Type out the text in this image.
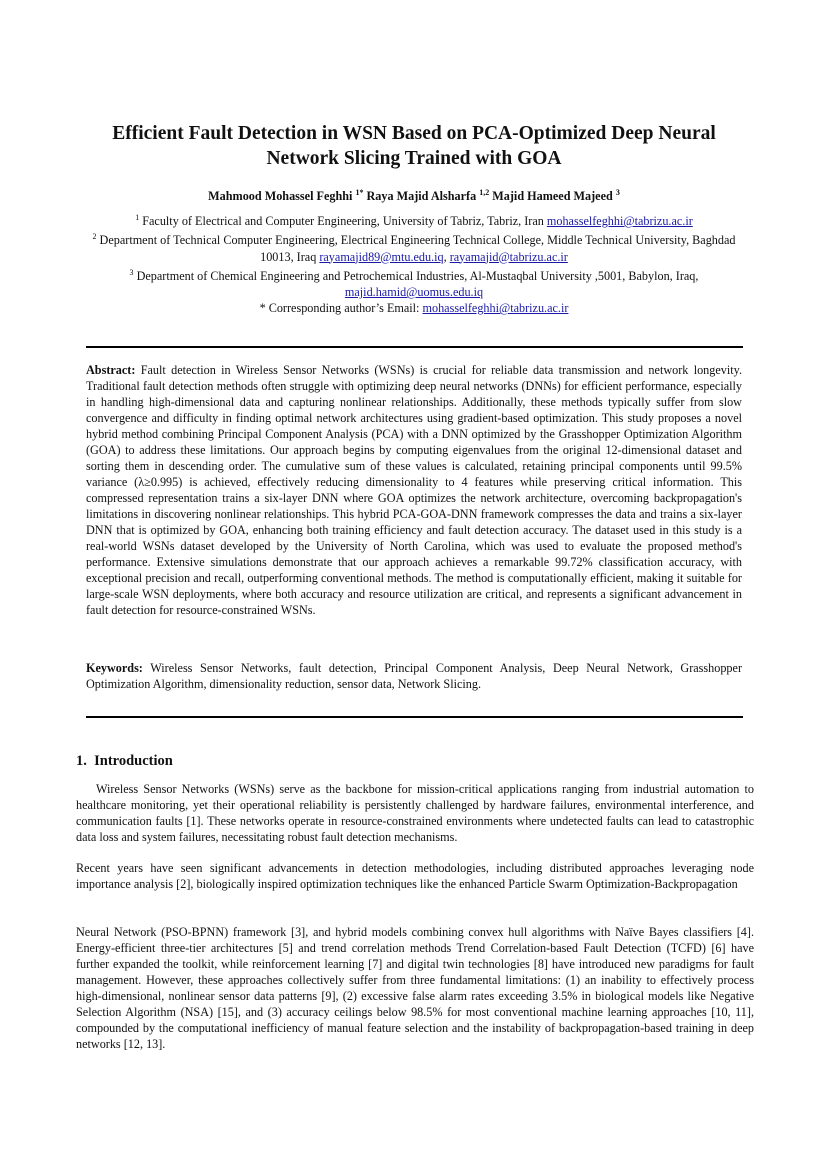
Efficient Fault Detection in WSN Based on PCA-Optimized Deep Neural Network Slicing Trained with GOA
Mahmood Mohassel Feghhi $^{1*}$ Raya Majid Alsharfa $^{1,2}$ Majid Hameed Majeed $^3$

$^1$ Faculty of Electrical and Computer Engineering, University of Tabriz, Tabriz, Iran mohasselfeghhi@tabrizu.ac.ir

$^2$ Department of Technical Computer Engineering, Electrical Engineering Technical College, Middle Technical University, Baghdad 10013, Iraq rayamajid89@mtu.edu.iq, rayamajid@tabrizu.ac.ir

$^3$ Department of Chemical Engineering and Petrochemical Industries, Al-Mustaqbal University ,5001, Babylon, Iraq, majid.hamid@uomus.edu.iq

* Corresponding author’s Email: mohasselfeghhi@tabrizu.ac.ir

Abstract: Fault detection in Wireless Sensor Networks (WSNs) is crucial for reliable data transmission and network longevity. Traditional fault detection methods often struggle with optimizing deep neural networks (DNNs) for efficient performance, especially in handling high-dimensional data and capturing nonlinear relationships. Additionally, these methods typically suffer from slow convergence and difficulty in finding optimal network architectures using gradient-based optimization. This study proposes a novel hybrid method combining Principal Component Analysis (PCA) with a DNN optimized by the Grasshopper Optimization Algorithm (GOA) to address these limitations. Our approach begins by computing eigenvalues from the original 12-dimensional dataset and sorting them in descending order. The cumulative sum of these values is calculated, retaining principal components until 99.5% variance (λ≥0.995) is achieved, effectively reducing dimensionality to 4 features while preserving critical information. This compressed representation trains a six-layer DNN where GOA optimizes the network architecture, overcoming backpropagation's limitations in discovering nonlinear relationships. This hybrid PCA-GOA-DNN framework compresses the data and trains a six-layer DNN that is optimized by GOA, enhancing both training efficiency and fault detection accuracy. The dataset used in this study is a real-world WSNs dataset developed by the University of North Carolina, which was used to evaluate the proposed method's performance. Extensive simulations demonstrate that our approach achieves a remarkable 99.72% classification accuracy, with exceptional precision and recall, outperforming conventional methods. The method is computationally efficient, making it suitable for large-scale WSN deployments, where both accuracy and resource utilization are critical, and represents a significant advancement in fault detection for resource-constrained WSNs.

Keywords: Wireless Sensor Networks, fault detection, Principal Component Analysis, Deep Neural Network, Grasshopper Optimization Algorithm, dimensionality reduction, sensor data, Network Slicing.

1. Introduction

Wireless Sensor Networks (WSNs) serve as the backbone for mission-critical applications ranging from industrial automation to healthcare monitoring, yet their operational reliability is persistently challenged by hardware failures, environmental interference, and communication faults [1]. These networks operate in resource-constrained environments where undetected faults can lead to catastrophic data loss and system failures, necessitating robust fault detection mechanisms.

Recent years have seen significant advancements in detection methodologies, including distributed approaches leveraging node importance analysis [2], biologically inspired optimization techniques like the enhanced Particle Swarm Optimization-Backpropagation

Neural Network (PSO-BPNN) framework [3], and hybrid models combining convex hull algorithms with Naïve Bayes classifiers [4]. Energy-efficient three-tier architectures [5] and trend correlation methods Trend Correlation-based Fault Detection (TCFD) [6] have further expanded the toolkit, while reinforcement learning [7] and digital twin technologies [8] have introduced new paradigms for fault management. However, these approaches collectively suffer from three fundamental limitations: (1) an inability to effectively process high-dimensional, nonlinear sensor data patterns [9], (2) excessive false alarm rates exceeding 3.5% in biological models like Negative Selection Algorithm (NSA) [15], and (3) accuracy ceilings below 98.5% for most conventional machine learning approaches [10, 11], compounded by the computational inefficiency of manual feature selection and the instability of backpropagation-based training in deep networks [12, 13].
